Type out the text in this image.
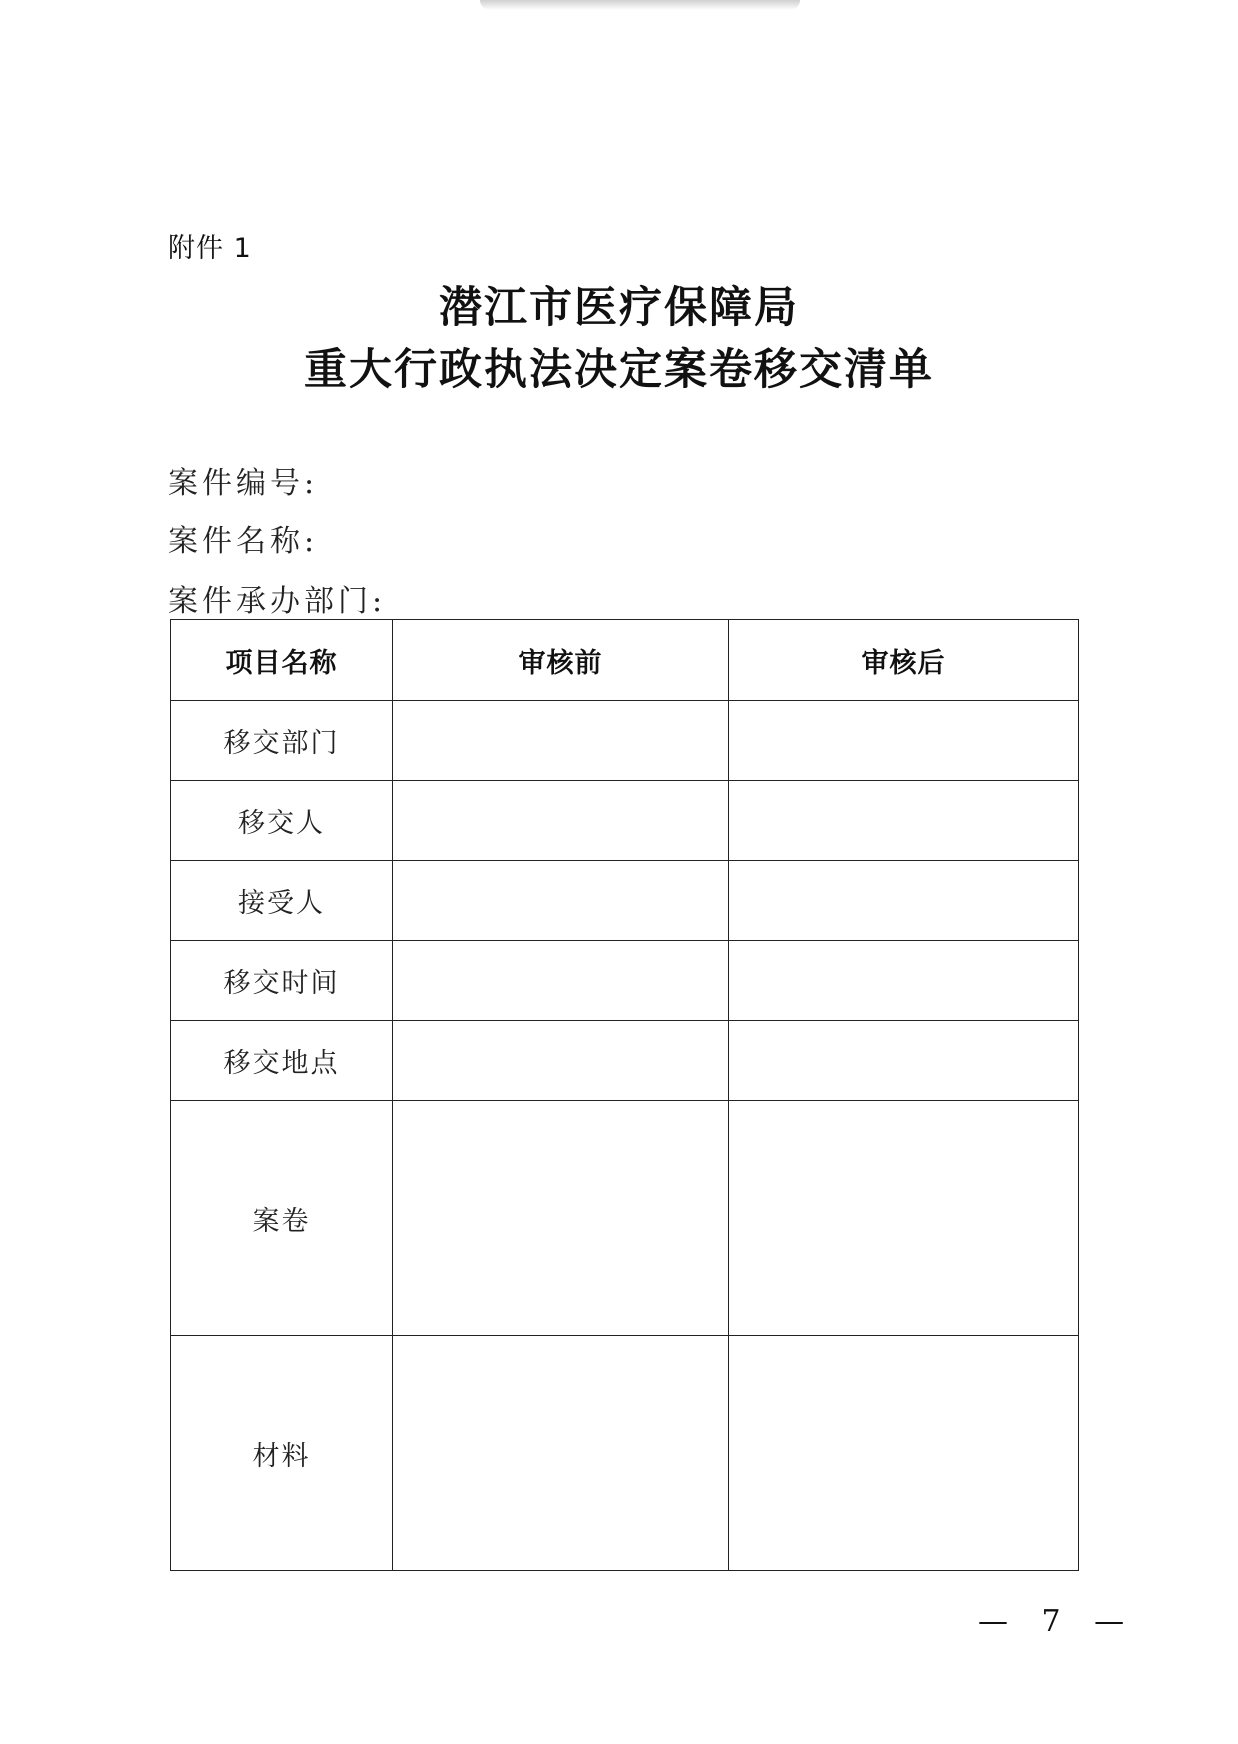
附件 1
潜江市医疗保障局
重大行政执法决定案卷移交清单
案件编号:
案件名称:
案件承办部门:
项目名称	审核前	审核后
移交部门		
移交人		
接受人		
移交时间		
移交地点		
案卷		
材料		
— 7 —
